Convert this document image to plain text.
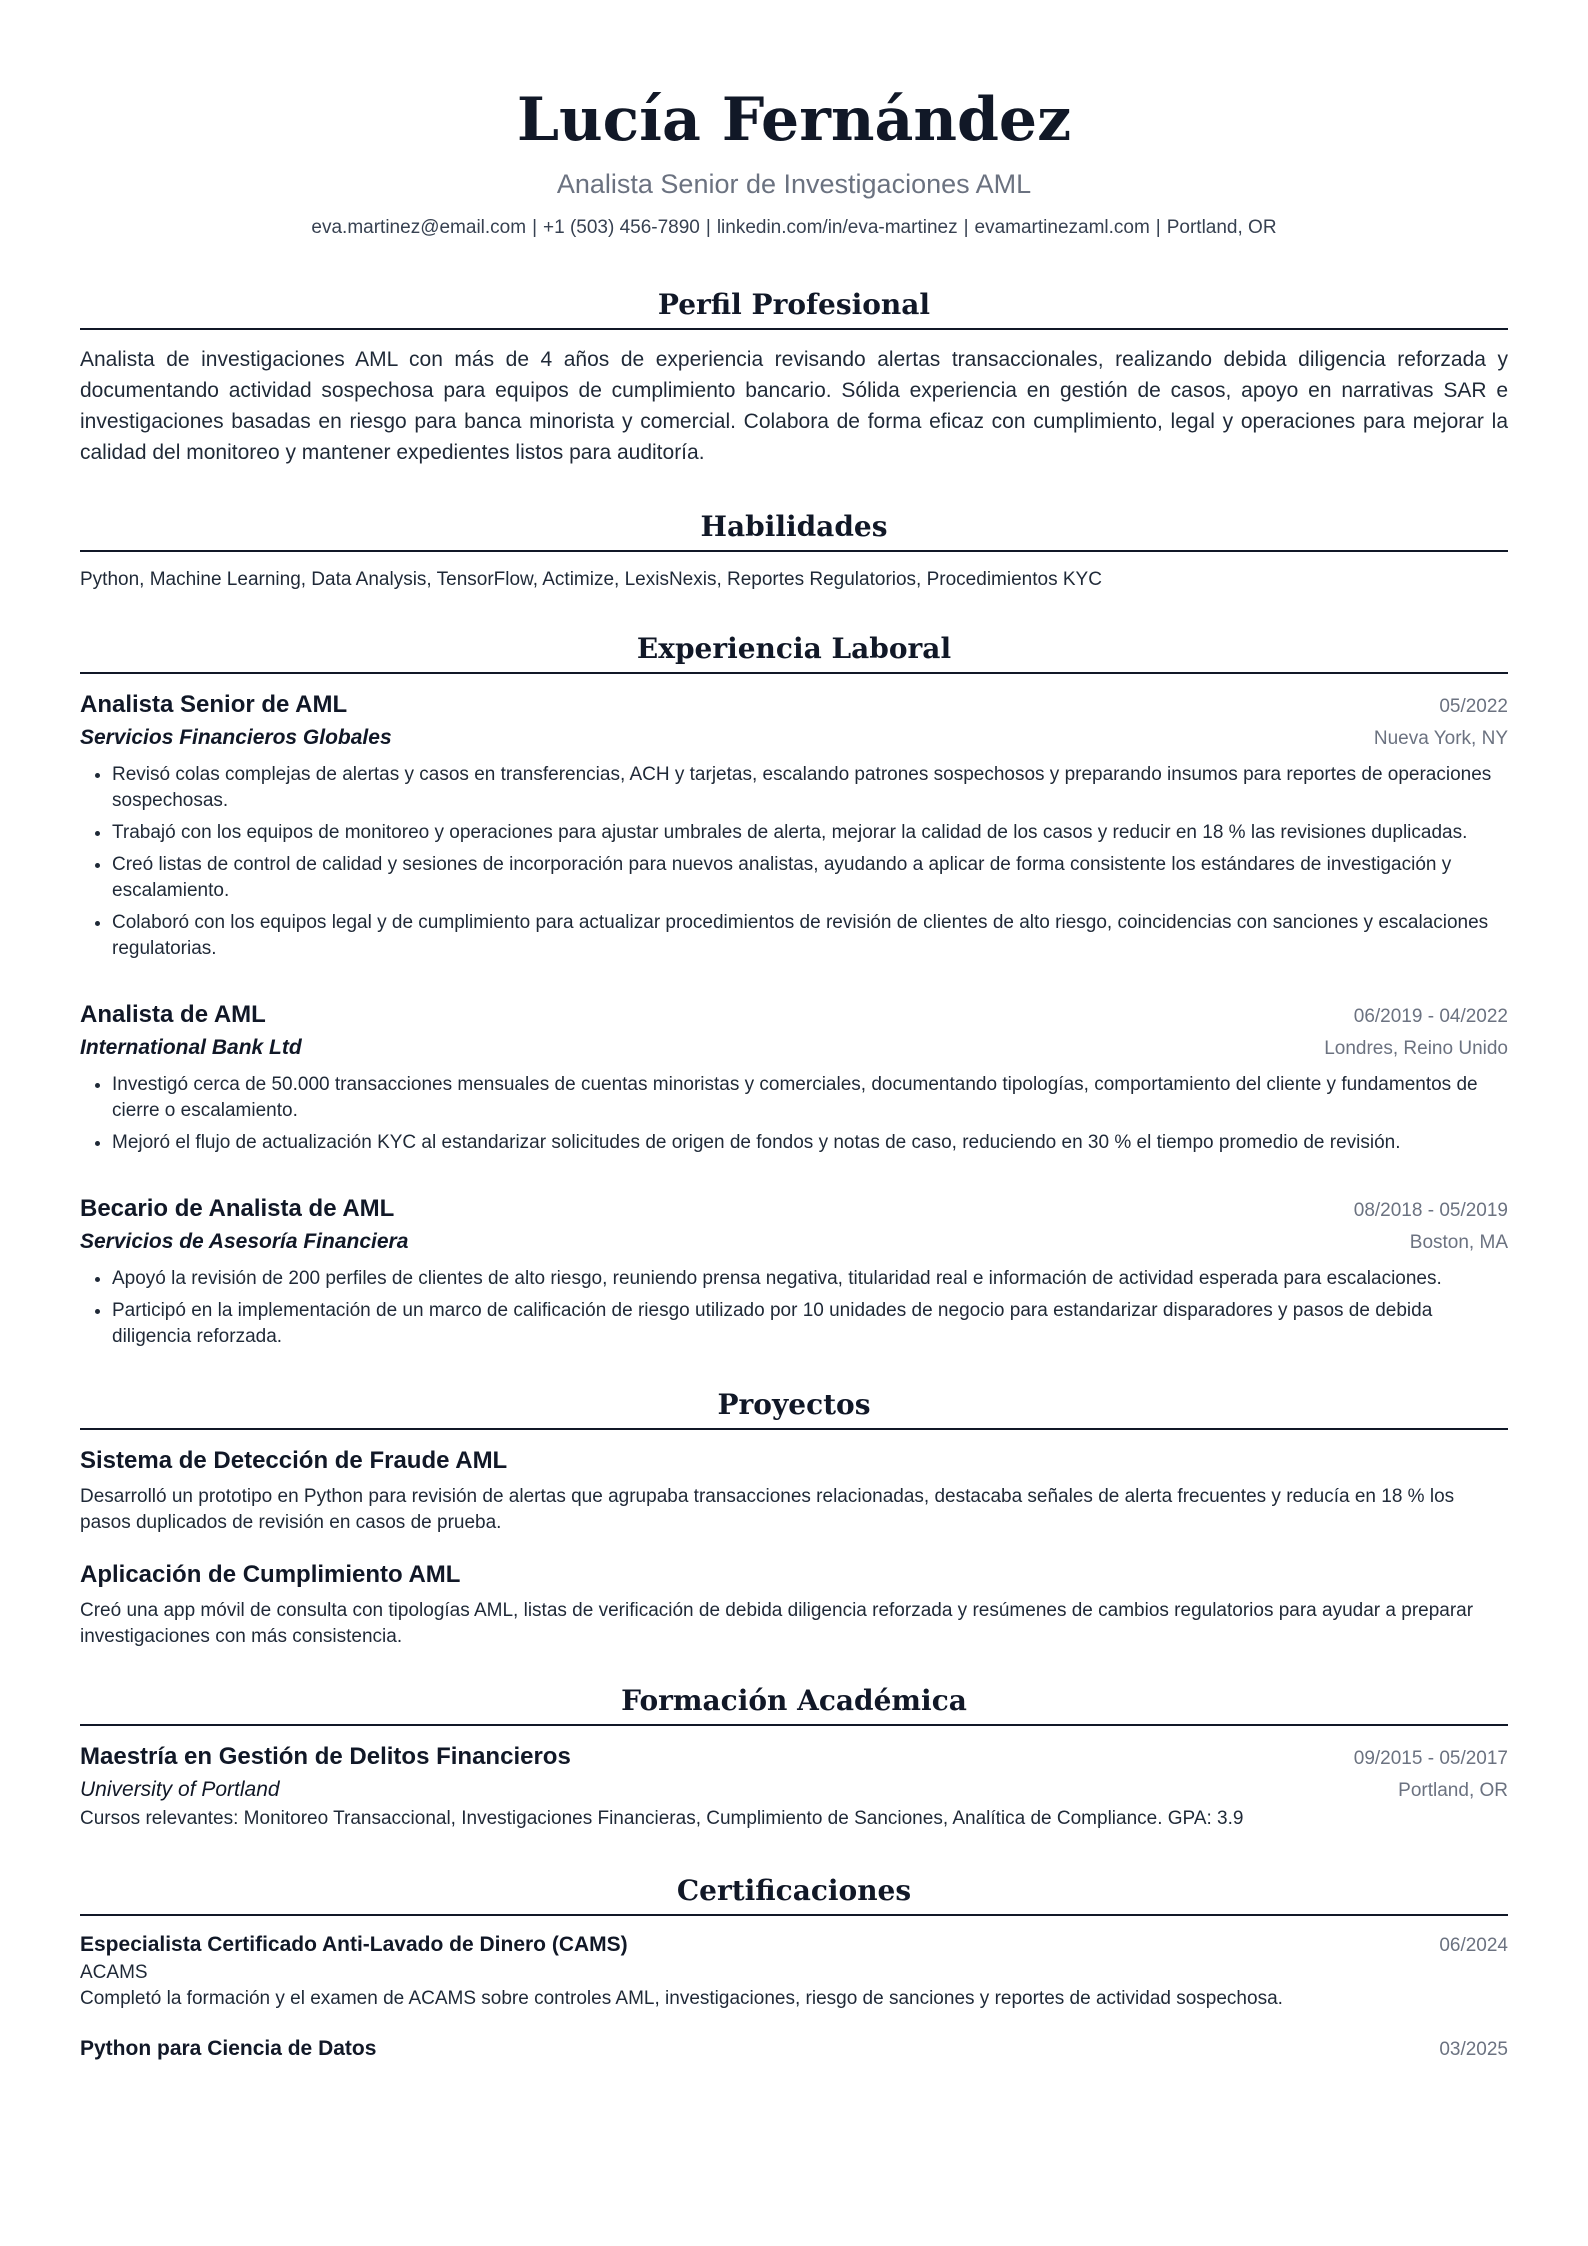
Lucía Fernández
Analista Senior de Investigaciones AML
eva.martinez@email.com | +1 (503) 456-7890 | linkedin.com/in/eva-martinez | evamartinezaml.com | Portland, OR
Perfil Profesional
Analista de investigaciones AML con más de 4 años de experiencia revisando alertas transaccionales, realizando debida diligencia reforzada y documentando actividad sospechosa para equipos de cumplimiento bancario. Sólida experiencia en gestión de casos, apoyo en narrativas SAR e investigaciones basadas en riesgo para banca minorista y comercial. Colabora de forma eficaz con cumplimiento, legal y operaciones para mejorar la calidad del monitoreo y mantener expedientes listos para auditoría.
Habilidades
Python, Machine Learning, Data Analysis, TensorFlow, Actimize, LexisNexis, Reportes Regulatorios, Procedimientos KYC
Experiencia Laboral
Analista Senior de AML	05/2022
Servicios Financieros Globales	Nueva York, NY
• Revisó colas complejas de alertas y casos en transferencias, ACH y tarjetas, escalando patrones sospechosos y preparando insumos para reportes de operaciones sospechosas.
• Trabajó con los equipos de monitoreo y operaciones para ajustar umbrales de alerta, mejorar la calidad de los casos y reducir en 18 % las revisiones duplicadas.
• Creó listas de control de calidad y sesiones de incorporación para nuevos analistas, ayudando a aplicar de forma consistente los estándares de investigación y escalamiento.
• Colaboró con los equipos legal y de cumplimiento para actualizar procedimientos de revisión de clientes de alto riesgo, coincidencias con sanciones y escalaciones regulatorias.
Analista de AML	06/2019 - 04/2022
International Bank Ltd	Londres, Reino Unido
• Investigó cerca de 50.000 transacciones mensuales de cuentas minoristas y comerciales, documentando tipologías, comportamiento del cliente y fundamentos de cierre o escalamiento.
• Mejoró el flujo de actualización KYC al estandarizar solicitudes de origen de fondos y notas de caso, reduciendo en 30 % el tiempo promedio de revisión.
Becario de Analista de AML	08/2018 - 05/2019
Servicios de Asesoría Financiera	Boston, MA
• Apoyó la revisión de 200 perfiles de clientes de alto riesgo, reuniendo prensa negativa, titularidad real e información de actividad esperada para escalaciones.
• Participó en la implementación de un marco de calificación de riesgo utilizado por 10 unidades de negocio para estandarizar disparadores y pasos de debida diligencia reforzada.
Proyectos
Sistema de Detección de Fraude AML
Desarrolló un prototipo en Python para revisión de alertas que agrupaba transacciones relacionadas, destacaba señales de alerta frecuentes y reducía en 18 % los pasos duplicados de revisión en casos de prueba.
Aplicación de Cumplimiento AML
Creó una app móvil de consulta con tipologías AML, listas de verificación de debida diligencia reforzada y resúmenes de cambios regulatorios para ayudar a preparar investigaciones con más consistencia.
Formación Académica
Maestría en Gestión de Delitos Financieros	09/2015 - 05/2017
University of Portland	Portland, OR
Cursos relevantes: Monitoreo Transaccional, Investigaciones Financieras, Cumplimiento de Sanciones, Analítica de Compliance. GPA: 3.9
Certificaciones
Especialista Certificado Anti-Lavado de Dinero (CAMS)	06/2024
ACAMS
Completó la formación y el examen de ACAMS sobre controles AML, investigaciones, riesgo de sanciones y reportes de actividad sospechosa.
Python para Ciencia de Datos	03/2025
